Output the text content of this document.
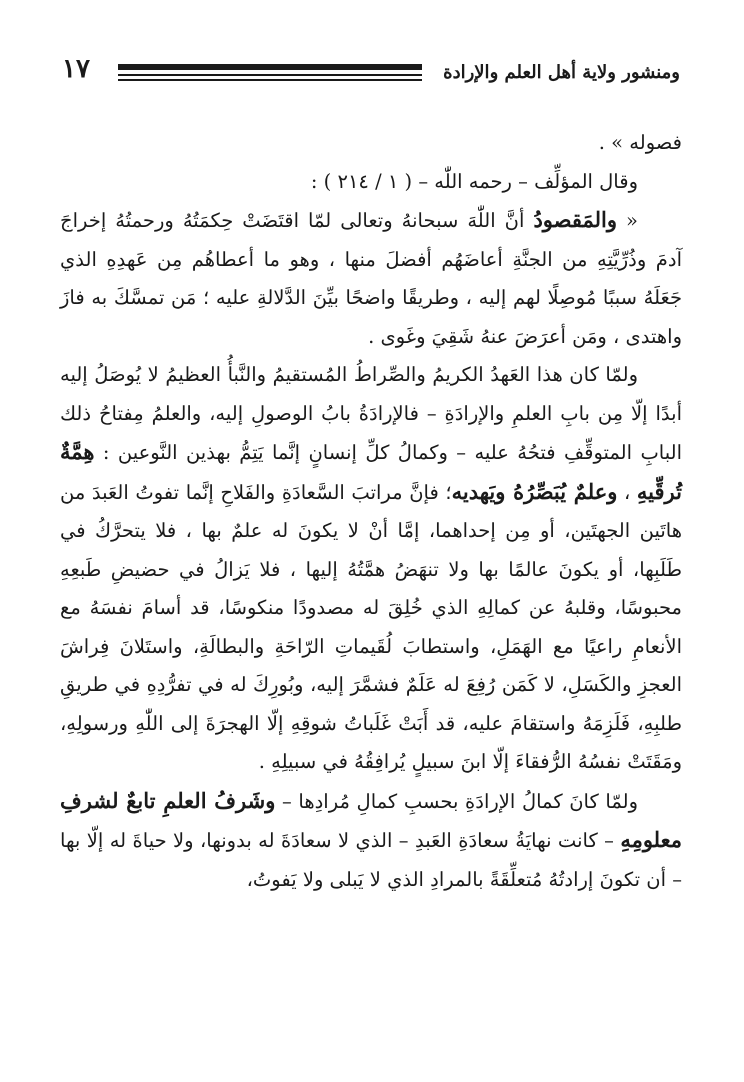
ومنشور ولاية أهل العلم والإرادة
١٧

فصوله » .

وقال المؤلِّف – رحمه اللّٰه – ( ١ / ٢١٤ ) :

« والمَقصودُ أنَّ اللّٰهَ سبحانهُ وتعالى لمّا اقتَضَتْ حِكمَتُهُ ورحمتُهُ إخراجَ آدمَ وذُرِّيَّتِهِ من الجنَّةِ أعاضَهُم أفضلَ منها ، وهو ما أعطاهُم مِن عَهدِهِ الذي جَعَلَهُ سببًا مُوصِلًا لهم إليه ، وطريقًا واضحًا بيِّنَ الدَّلالةِ عليه ؛ مَن تمسَّكَ به فازَ واهتدى ، ومَن أعرَضَ عنهُ شَقِيَ وغَوى .

ولمّا كان هذا العَهدُ الكريمُ والصِّراطُ المُستقيمُ والنَّبأُ العظيمُ لا يُوصَلُ إليه أبدًا إلّا مِن بابِ العلمِ والإرادَةِ – فالإرادَةُ بابُ الوصولِ إليه، والعلمُ مِفتاحُ ذلك البابِ المتوقِّفِ فتحُهُ عليه – وكمالُ كلِّ إنسانٍ إنَّما يَتِمُّ بهذين النَّوعين : هِمَّةٌ تُرقِّيهِ ، وعلمٌ يُبَصِّرُهُ ويَهديه؛ فإنَّ مراتبَ السَّعادَةِ والفَلاحِ إنَّما تفوتُ العَبدَ من هاتَين الجهتَين، أو مِن إحداهما، إمَّا أنْ لا يكونَ له علمٌ بها ، فلا يتحرَّكُ في طَلَبِها، أو يكونَ عالمًا بها ولا تنهَضُ همَّتُهُ إليها ، فلا يَزالُ في حضيضِ طَبعِهِ محبوسًا، وقلبهُ عن كمالِهِ الذي خُلِقَ له مصدودًا منكوسًا، قد أسامَ نفسَهُ مع الأنعامِ راعيًا مع الهَمَلِ، واستطابَ لُقَيماتِ الرّاحَةِ والبطالَةِ، واستَلانَ فِراشَ العجزِ والكَسَلِ، لا كَمَن رُفِعَ له عَلَمٌ فشمَّرَ إليه، وبُورِكَ له في تفرُّدِهِ في طريقِ طلبِهِ، فَلَزِمَهُ واستقامَ عليه، قد أَبَتْ غَلَباتُ شوقِهِ إلّا الهجرَةَ إلى اللّٰهِ ورسولِهِ، ومَقَتَتْ نفسُهُ الرُّفقاءَ إلّا ابنَ سبيلٍ يُرافِقُهُ في سبيلِهِ .

ولمّا كانَ كمالُ الإرادَةِ بحسبِ كمالِ مُرادِها – وشَرفُ العلمِ تابعٌ لشرفِ معلومِهِ – كانت نهايَةُ سعادَةِ العَبدِ – الذي لا سعادَةَ له بدونها، ولا حياةَ له إلّا بها – أن تكونَ إرادتُهُ مُتعلِّقَةً بالمرادِ الذي لا يَبلى ولا يَفوتُ،
